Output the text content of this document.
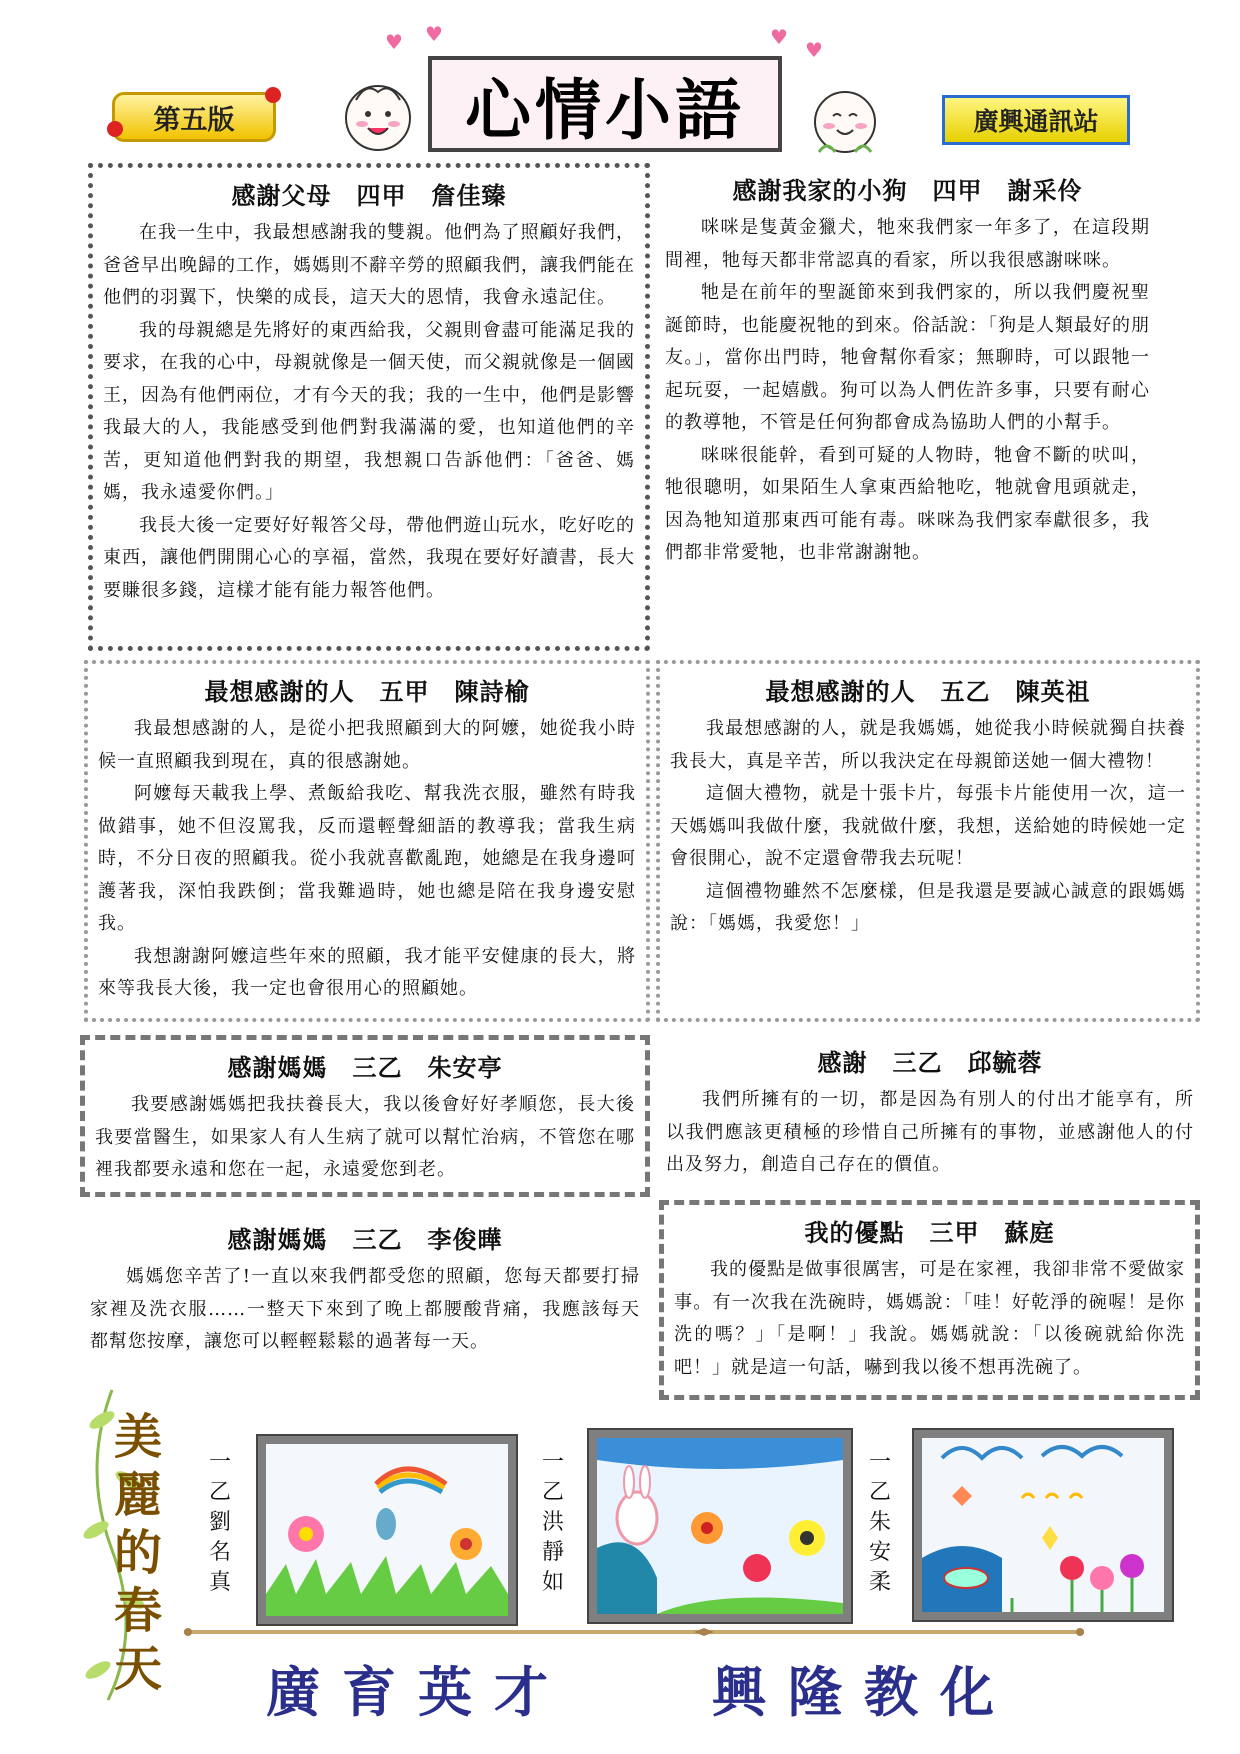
第五版
♥ ♥	♥
♥
心情小語	廣興通訊站
感謝父母　四甲　詹佳臻

在我一生中，我最想感謝我的雙親。他們為了照顧好我們，爸爸早出晚歸的工作，媽媽則不辭辛勞的照顧我們，讓我們能在他們的羽翼下，快樂的成長，這天大的恩情，我會永遠記住。

我的母親總是先將好的東西給我，父親則會盡可能滿足我的要求，在我的心中，母親就像是一個天使，而父親就像是一個國王，因為有他們兩位，才有今天的我；我的一生中，他們是影響我最大的人，我能感受到他們對我滿滿的愛，也知道他們的辛苦，更知道他們對我的期望，我想親口告訴他們：「爸爸、媽媽，我永遠愛你們。」

我長大後一定要好好報答父母，帶他們遊山玩水，吃好吃的東西，讓他們開開心心的享福，當然，我現在要好好讀書，長大要賺很多錢，這樣才能有能力報答他們。

感謝我家的小狗　四甲　謝采伶

咪咪是隻黃金獵犬，牠來我們家一年多了，在這段期間裡，牠每天都非常認真的看家，所以我很感謝咪咪。

牠是在前年的聖誕節來到我們家的，所以我們慶祝聖誕節時，也能慶祝牠的到來。俗話說：「狗是人類最好的朋友。」，當你出門時，牠會幫你看家；無聊時，可以跟牠一起玩耍，一起嬉戲。狗可以為人們佐許多事，只要有耐心的教導牠，不管是任何狗都會成為協助人們的小幫手。

咪咪很能幹，看到可疑的人物時，牠會不斷的吠叫，牠很聰明，如果陌生人拿東西給牠吃，牠就會甩頭就走，因為牠知道那東西可能有毒。咪咪為我們家奉獻很多，我們都非常愛牠，也非常謝謝牠。

最想感謝的人　五甲　陳詩榆

我最想感謝的人，是從小把我照顧到大的阿嬤，她從我小時候一直照顧我到現在，真的很感謝她。

阿嬤每天載我上學、煮飯給我吃、幫我洗衣服，雖然有時我做錯事，她不但沒罵我，反而還輕聲細語的教導我；當我生病時，不分日夜的照顧我。從小我就喜歡亂跑，她總是在我身邊呵護著我，深怕我跌倒；當我難過時，她也總是陪在我身邊安慰我。

我想謝謝阿嬤這些年來的照顧，我才能平安健康的長大，將來等我長大後，我一定也會很用心的照顧她。

最想感謝的人　五乙　陳英祖

我最想感謝的人，就是我媽媽，她從我小時候就獨自扶養我長大，真是辛苦，所以我決定在母親節送她一個大禮物！

這個大禮物，就是十張卡片，每張卡片能使用一次，這一天媽媽叫我做什麼，我就做什麼，我想，送給她的時候她一定會很開心，說不定還會帶我去玩呢！

這個禮物雖然不怎麼樣，但是我還是要誠心誠意的跟媽媽說：「媽媽，我愛您！」

感謝媽媽　三乙　朱安亭

我要感謝媽媽把我扶養長大，我以後會好好孝順您，長大後我要當醫生，如果家人有人生病了就可以幫忙治病，不管您在哪裡我都要永遠和您在一起，永遠愛您到老。

感謝　三乙　邱毓蓉

我們所擁有的一切，都是因為有別人的付出才能享有，所以我們應該更積極的珍惜自己所擁有的事物，並感謝他人的付出及努力，創造自己存在的價值。

感謝媽媽　三乙　李俊曄

媽媽您辛苦了!一直以來我們都受您的照顧，您每天都要打掃家裡及洗衣服……一整天下來到了晚上都腰酸背痛，我應該每天都幫您按摩，讓您可以輕輕鬆鬆的過著每一天。

我的優點　三甲　蘇庭

我的優點是做事很厲害，可是在家裡，我卻非常不愛做家事。有一次我在洗碗時，媽媽說：「哇！好乾淨的碗喔！是你洗的嗎？」「是啊！」我說。媽媽就說：「以後碗就給你洗吧！」就是這一句話，嚇到我以後不想再洗碗了。

美麗的春天
一乙劉名真
一乙洪靜如
一乙朱安柔
廣育英才	興隆教化
